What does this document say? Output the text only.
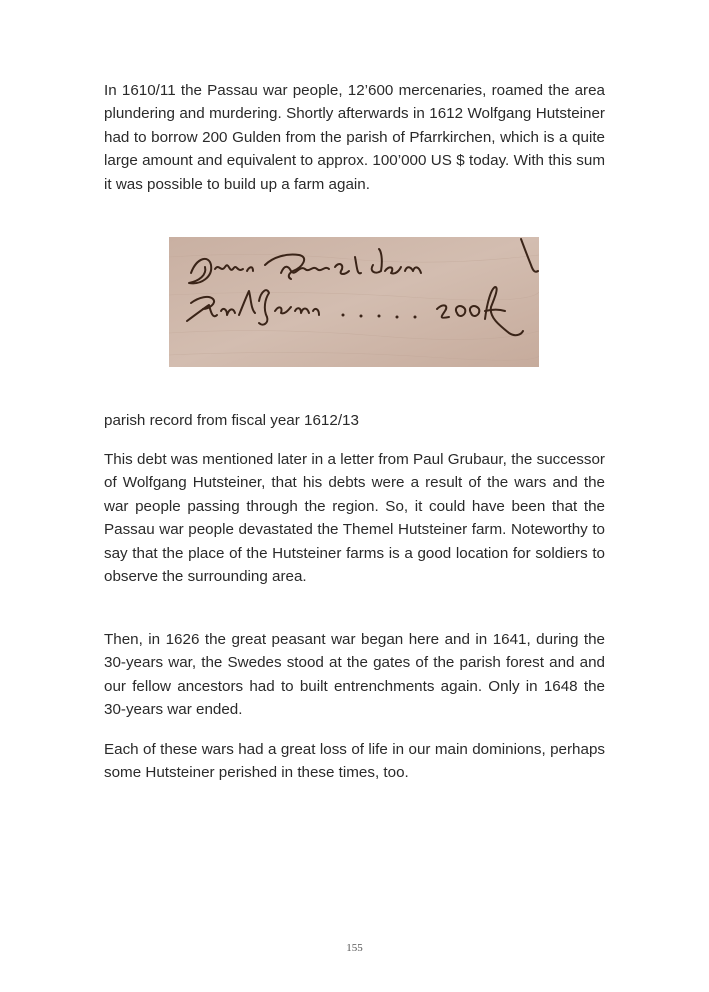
In 1610/11 the Passau war people, 12’600 mercenaries, roamed the area plundering and murdering. Shortly afterwards in 1612 Wolfgang Hutsteiner had to borrow 200 Gulden from the parish of Pfarrkirchen, which is a quite large amount and equivalent to approx. 100’000 US $ today. With this sum it was possible to build up a farm again.

parish record from fiscal year 1612/13

This debt was mentioned later in a letter from Paul Grubaur, the successor of Wolfgang Hutsteiner, that his debts were a result of the wars and the war people passing through the region. So, it could have been that the Passau war people devastated the Themel Hutsteiner farm. Noteworthy to say that the place of the Hutsteiner farms is a good location for soldiers to observe the surrounding area.

Then, in 1626 the great peasant war began here and in 1641, during the 30-years war, the Swedes stood at the gates of the parish forest and and our fellow ancestors had to built entrenchments again. Only in 1648 the 30-years war ended.

Each of these wars had a great loss of life in our main dominions, perhaps some Hutsteiner perished in these times, too.

155
